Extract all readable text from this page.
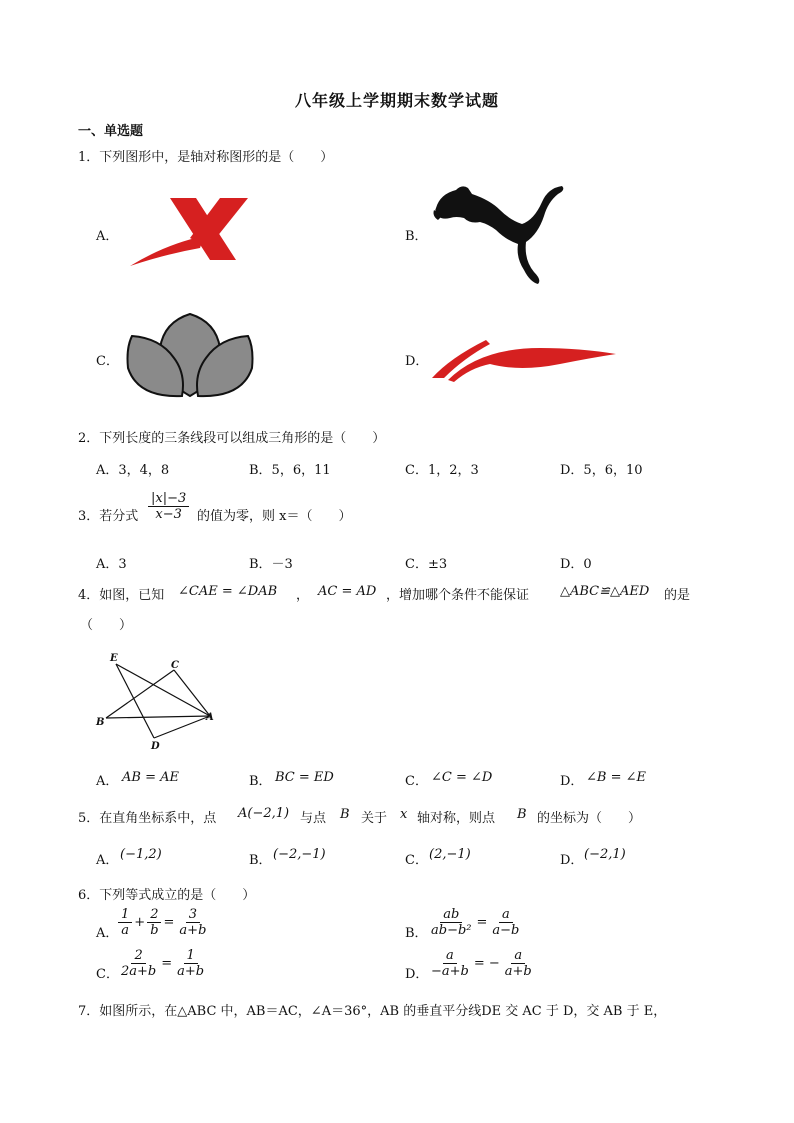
八年级上学期期末数学试题
一、单选题
1．下列图形中，是轴对称图形的是（　　）
A．	B．
C．	D．
2．下列长度的三条线段可以组成三角形的是（　　）
A．3，4，8	B．5，6，11	C．1，2，3	D．5，6，10
3．若分式 $\frac{|x|-3}{x-3}$ 的值为零，则 x＝（　　）
A．3	B．－3	C．±3	D．0
4．如图，已知 ∠CAE = ∠DAB ， AC = AD ，增加哪个条件不能保证 △ABC≌△AED 的是
（　　）
E
C
B	A
D
A． AB = AE	B． BC = ED	C． ∠C = ∠D	D． ∠B = ∠E
5．在直角坐标系中，点 A(−2,1) 与点 B 关于 x 轴对称，则点 B 的坐标为（　　）
A． (−1,2)	B． (−2,−1)	C． (2,−1)	D． (−2,1)
6．下列等式成立的是（　　）
A． $\frac{1}{a} + \frac{2}{b} = \frac{3}{a+b}$	B． $\frac{ab}{\text{ab−b²}} = \frac{a}{a-b}$
C． $\frac{2}{2a+b} = \frac{1}{a+b}$	D． $\frac{a}{-a+b}$ = − $\frac{a}{a+b}$
7．如图所示，在△ABC 中，AB＝AC，∠A＝36°，AB 的垂直平分线DE 交 AC 于 D，交 AB 于 E，
